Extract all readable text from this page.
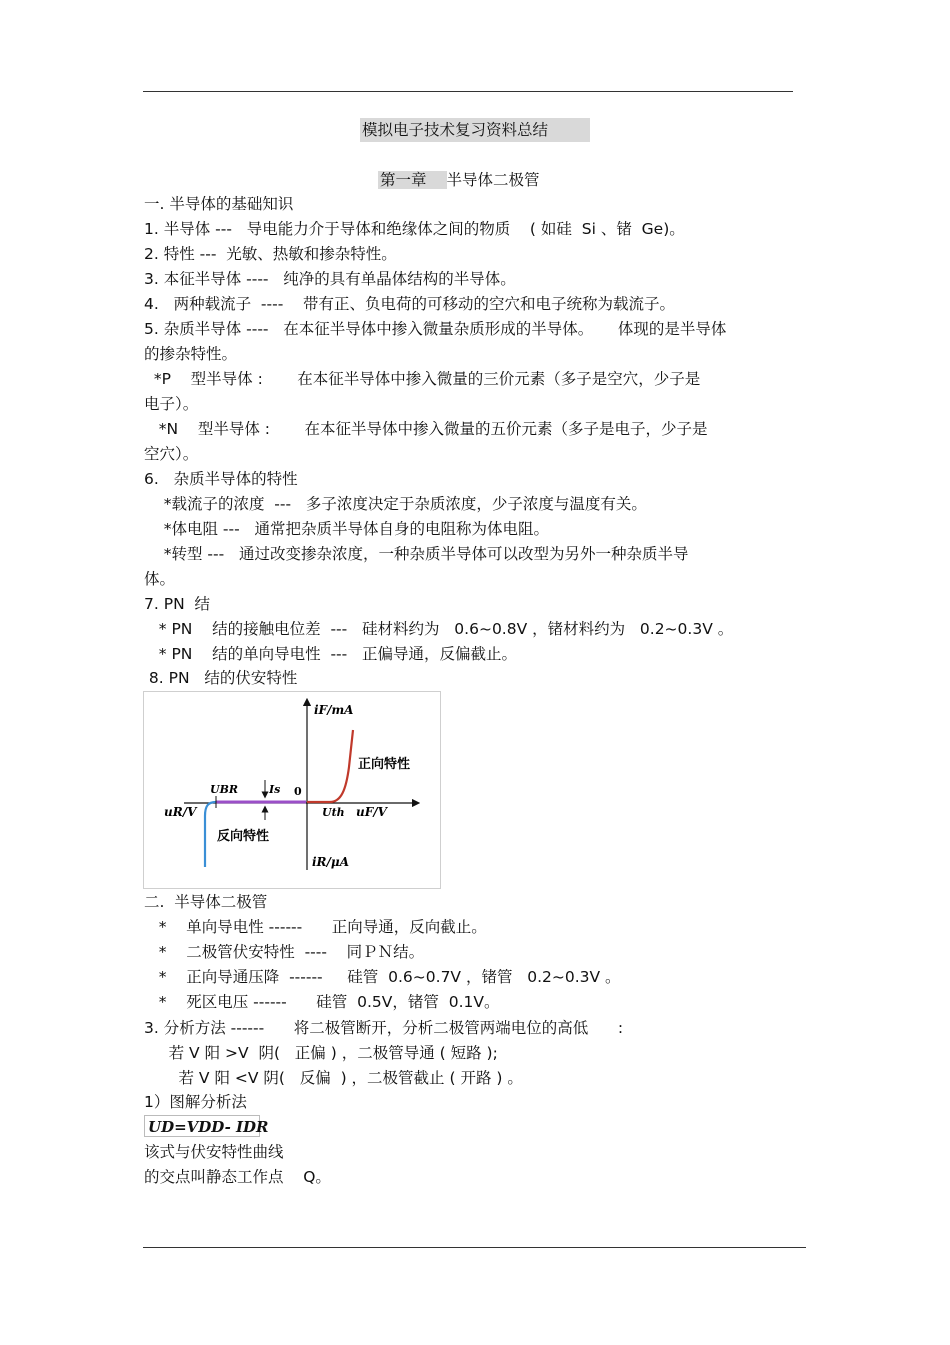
模拟电子技术复习资料总结
第一章 半导体二极管
一. 半导体的基础知识
1. 半导体 ---   导电能力介于导体和绝缘体之间的物质    ( 如硅  Si 、锗  Ge)。
2. 特性 ---  光敏、热敏和掺杂特性。
3. 本征半导体 ----   纯净的具有单晶体结构的半导体。
4.   两种载流子  ----    带有正、负电荷的可移动的空穴和电子统称为载流子。
5. 杂质半导体 ----   在本征半导体中掺入微量杂质形成的半导体。     体现的是半导体
的掺杂特性。
*P    型半导体 :       在本征半导体中掺入微量的三价元素（多子是空穴，少子是
电子）。
*N    型半导体 :       在本征半导体中掺入微量的五价元素（多子是电子，少子是
空穴）。
6.   杂质半导体的特性
*载流子的浓度  ---   多子浓度决定于杂质浓度，少子浓度与温度有关。
*体电阻 ---   通常把杂质半导体自身的电阻称为体电阻。
*转型 ---   通过改变掺杂浓度，一种杂质半导体可以改型为另外一种杂质半导
体。
7. PN  结
* PN    结的接触电位差  ---   硅材料约为   0.6~0.8V ，锗材料约为   0.2~0.3V 。
* PN    结的单向导电性  ---   正偏导通，反偏截止。
8. PN   结的伏安特性
iF/mA
iR/μA
uF/V
uR/V
0
UBR	Is
Uth
正向特性
反向特性
二.  半导体二极管
*    单向导电性 ------      正向导通，反向截止。
*    二极管伏安特性  ----    同ＰＮ结。
*    正向导通压降  ------     硅管  0.6~0.7V ，锗管   0.2~0.3V 。
*    死区电压 ------      硅管  0.5V，锗管  0.1V。
3. 分析方法 ------      将二极管断开，分析二极管两端电位的高低      :
若 V 阳 >V  阴(   正偏 ) ，二极管导通 ( 短路 );
若 V 阳 <V 阴(   反偏  ) ，二极管截止 ( 开路 ) 。
1）图解分析法
UD=VDD- IDR
该式与伏安特性曲线
的交点叫静态工作点    Q。
